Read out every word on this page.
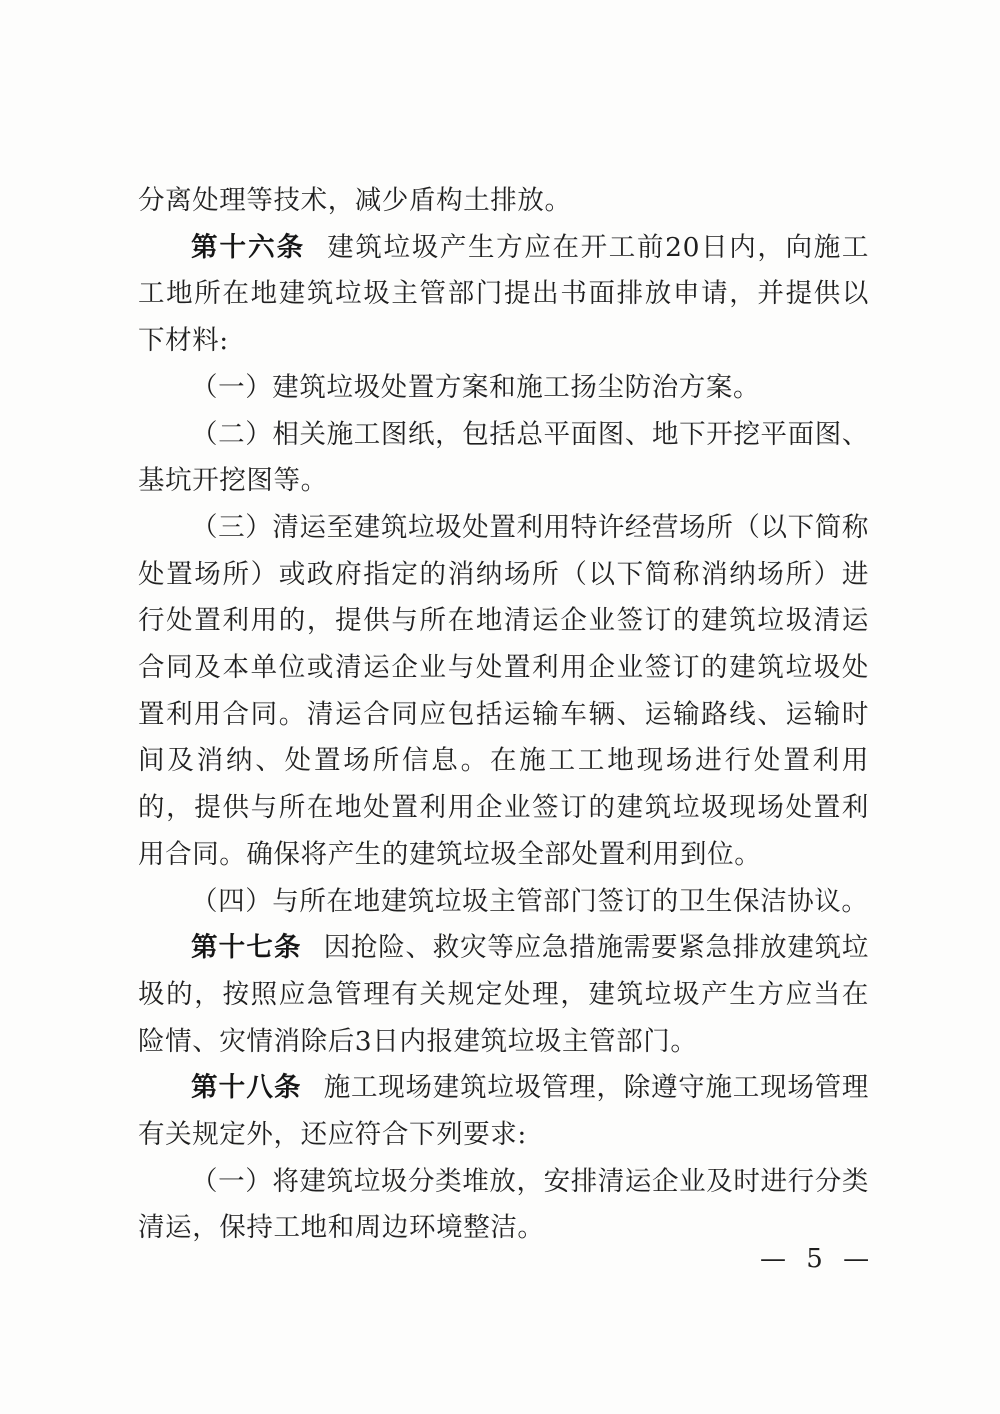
分离处理等技术，减少盾构土排放。

第十六条 建筑垃圾产生方应在开工前20日内，向施工工地所在地建筑垃圾主管部门提出书面排放申请，并提供以下材料:

（一）建筑垃圾处置方案和施工扬尘防治方案。

（二）相关施工图纸，包括总平面图、地下开挖平面图、基坑开挖图等。

（三）清运至建筑垃圾处置利用特许经营场所（以下简称处置场所）或政府指定的消纳场所（以下简称消纳场所）进行处置利用的，提供与所在地清运企业签订的建筑垃圾清运合同及本单位或清运企业与处置利用企业签订的建筑垃圾处置利用合同。清运合同应包括运输车辆、运输路线、运输时间及消纳、处置场所信息。在施工工地现场进行处置利用的，提供与所在地处置利用企业签订的建筑垃圾现场处置利用合同。确保将产生的建筑垃圾全部处置利用到位。

（四）与所在地建筑垃圾主管部门签订的卫生保洁协议。

第十七条 因抢险、救灾等应急措施需要紧急排放建筑垃圾的，按照应急管理有关规定处理，建筑垃圾产生方应当在险情、灾情消除后3日内报建筑垃圾主管部门。

第十八条 施工现场建筑垃圾管理，除遵守施工现场管理有关规定外，还应符合下列要求:

（一）将建筑垃圾分类堆放，安排清运企业及时进行分类清运，保持工地和周边环境整洁。

— 5 —
